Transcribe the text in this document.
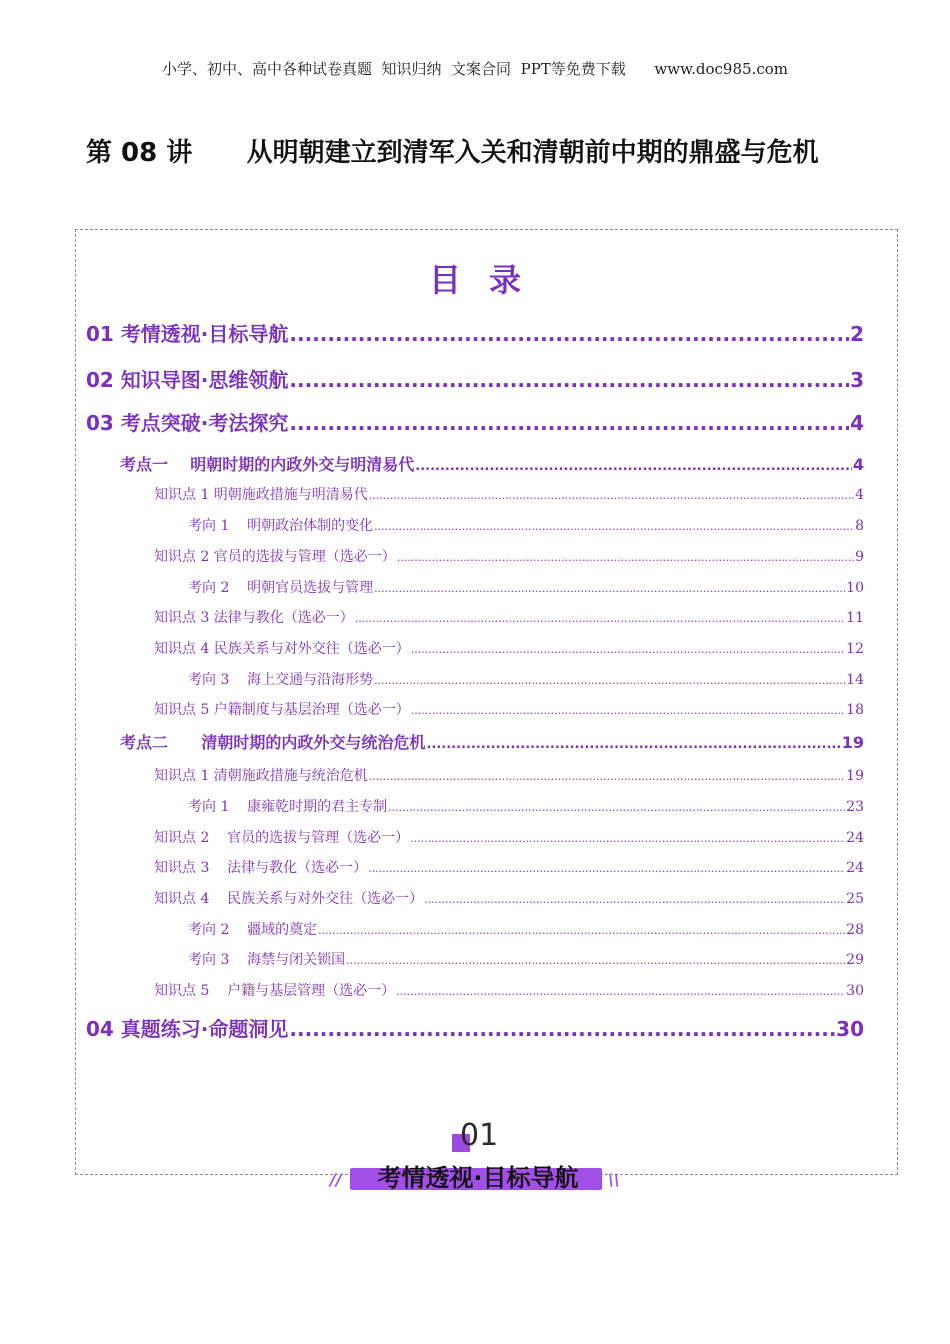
小学、初中、高中各种试卷真题  知识归纳  文案合同  PPT等免费下载      www.doc985.com
第 08 讲 从明朝建立到清军入关和清朝前中期的鼎盛与危机
目录
01 考情透视·目标导航 .....	2
02 知识导图·思维领航 .....	3
03 考点突破·考法探究 .....	4
考点一    明朝时期的内政外交与明清易代 .....	4
知识点 1 明朝施政措施与明清易代 .....	4
考向 1    明朝政治体制的变化 .....	8
知识点 2 官员的选拔与管理（选必一） .....	9
考向 2    明朝官员选拔与管理 .....	10
知识点 3 法律与教化（选必一） .....	11
知识点 4 民族关系与对外交往（选必一） .....	12
考向 3    海上交通与沿海形势 .....	14
知识点 5 户籍制度与基层治理（选必一） .....	18
考点二      清朝时期的内政外交与统治危机 .....	19
知识点 1 清朝施政措施与统治危机 .....	19
考向 1    康雍乾时期的君主专制 .....	23
知识点 2    官员的选拔与管理（选必一） .....	24
知识点 3    法律与教化（选必一） .....	24
知识点 4    民族关系与对外交往（选必一） .....	25
考向 2    疆域的奠定 .....	28
考向 3    海禁与闭关锁国 .....	29
知识点 5    户籍与基层管理（选必一） .....	30
04 真题练习·命题洞见 .....	30
01
考情透视·目标导航
//	\\
